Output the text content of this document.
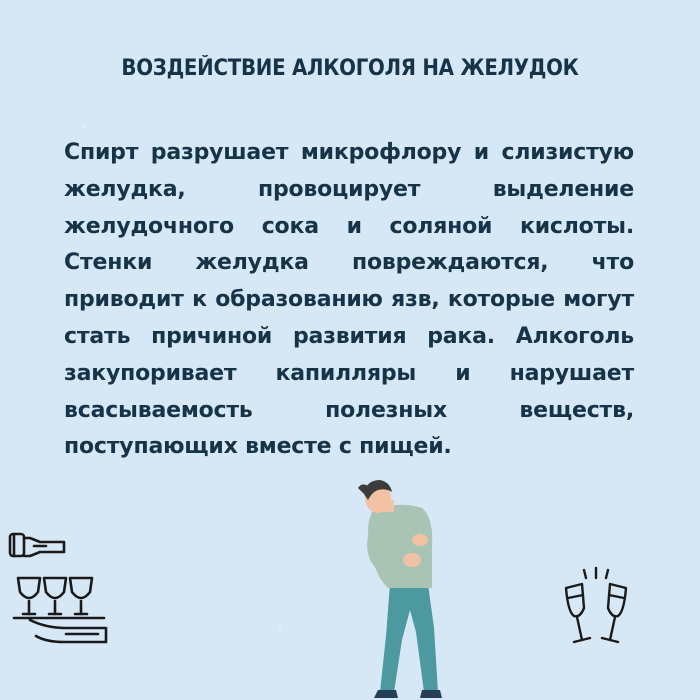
ВОЗДЕЙСТВИЕ АЛКОГОЛЯ НА ЖЕЛУДОК

Спирт разрушает микрофлору и слизистую желудка, провоцирует выделение желудочного сока и соляной кислоты. Стенки желудка повреждаются, что приводит к образованию язв, которые могут стать причиной развития рака. Алкоголь закупоривает капилляры и нарушает всасываемость полезных веществ, поступающих вместе с пищей.
